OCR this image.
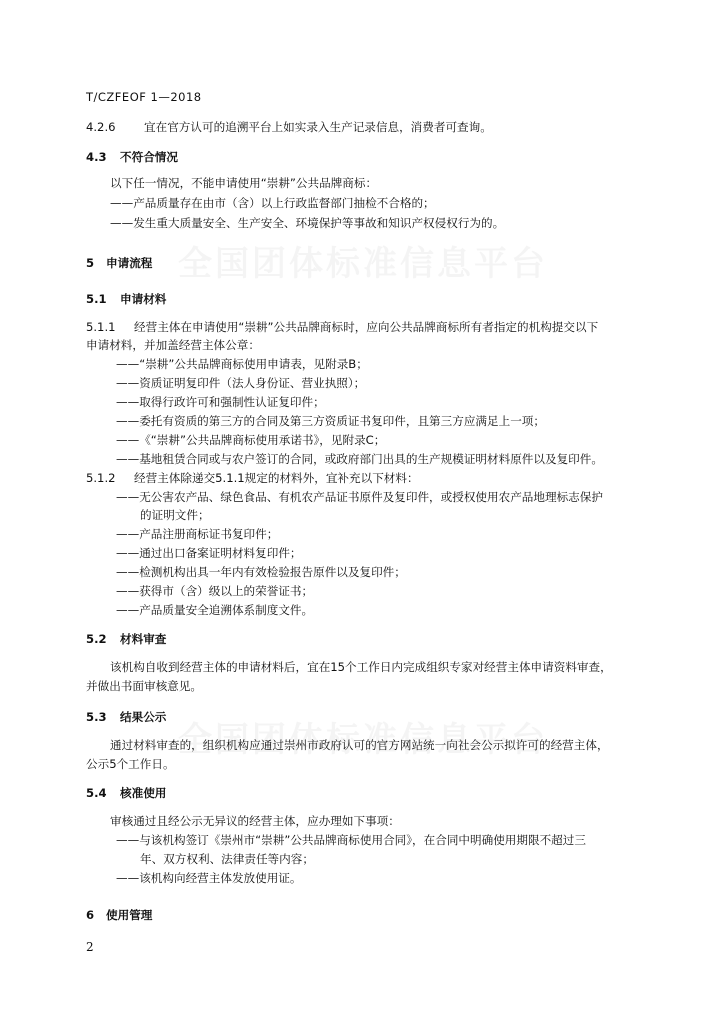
T/CZFEOF 1—2018
4.2.6 宜在官方认可的追溯平台上如实录入生产记录信息，消费者可查询。
4.3 不符合情况
以下任一情况，不能申请使用“崇耕”公共品牌商标：
——产品质量存在由市（含）以上行政监督部门抽检不合格的；
——发生重大质量安全、生产安全、环境保护等事故和知识产权侵权行为的。
5 申请流程
5.1 申请材料
5.1.1 经营主体在申请使用“崇耕”公共品牌商标时，应向公共品牌商标所有者指定的机构提交以下
申请材料，并加盖经营主体公章：
——“崇耕”公共品牌商标使用申请表，见附录B；
——资质证明复印件（法人身份证、营业执照）；
——取得行政许可和强制性认证复印件；
——委托有资质的第三方的合同及第三方资质证书复印件，且第三方应满足上一项；
——《“崇耕”公共品牌商标使用承诺书》，见附录C；
——基地租赁合同或与农户签订的合同，或政府部门出具的生产规模证明材料原件以及复印件。
5.1.2 经营主体除递交5.1.1规定的材料外，宜补充以下材料：
——无公害农产品、绿色食品、有机农产品证书原件及复印件，或授权使用农产品地理标志保护
的证明文件；
——产品注册商标证书复印件；
——通过出口备案证明材料复印件；
——检测机构出具一年内有效检验报告原件以及复印件；
——获得市（含）级以上的荣誉证书；
——产品质量安全追溯体系制度文件。
5.2 材料审查
该机构自收到经营主体的申请材料后，宜在15个工作日内完成组织专家对经营主体申请资料审查，
并做出书面审核意见。
5.3 结果公示
通过材料审查的，组织机构应通过崇州市政府认可的官方网站统一向社会公示拟许可的经营主体，
公示5个工作日。
5.4 核准使用
审核通过且经公示无异议的经营主体，应办理如下事项：
——与该机构签订《崇州市“崇耕”公共品牌商标使用合同》，在合同中明确使用期限不超过三
年、双方权利、法律责任等内容；
——该机构向经营主体发放使用证。
6 使用管理
2
